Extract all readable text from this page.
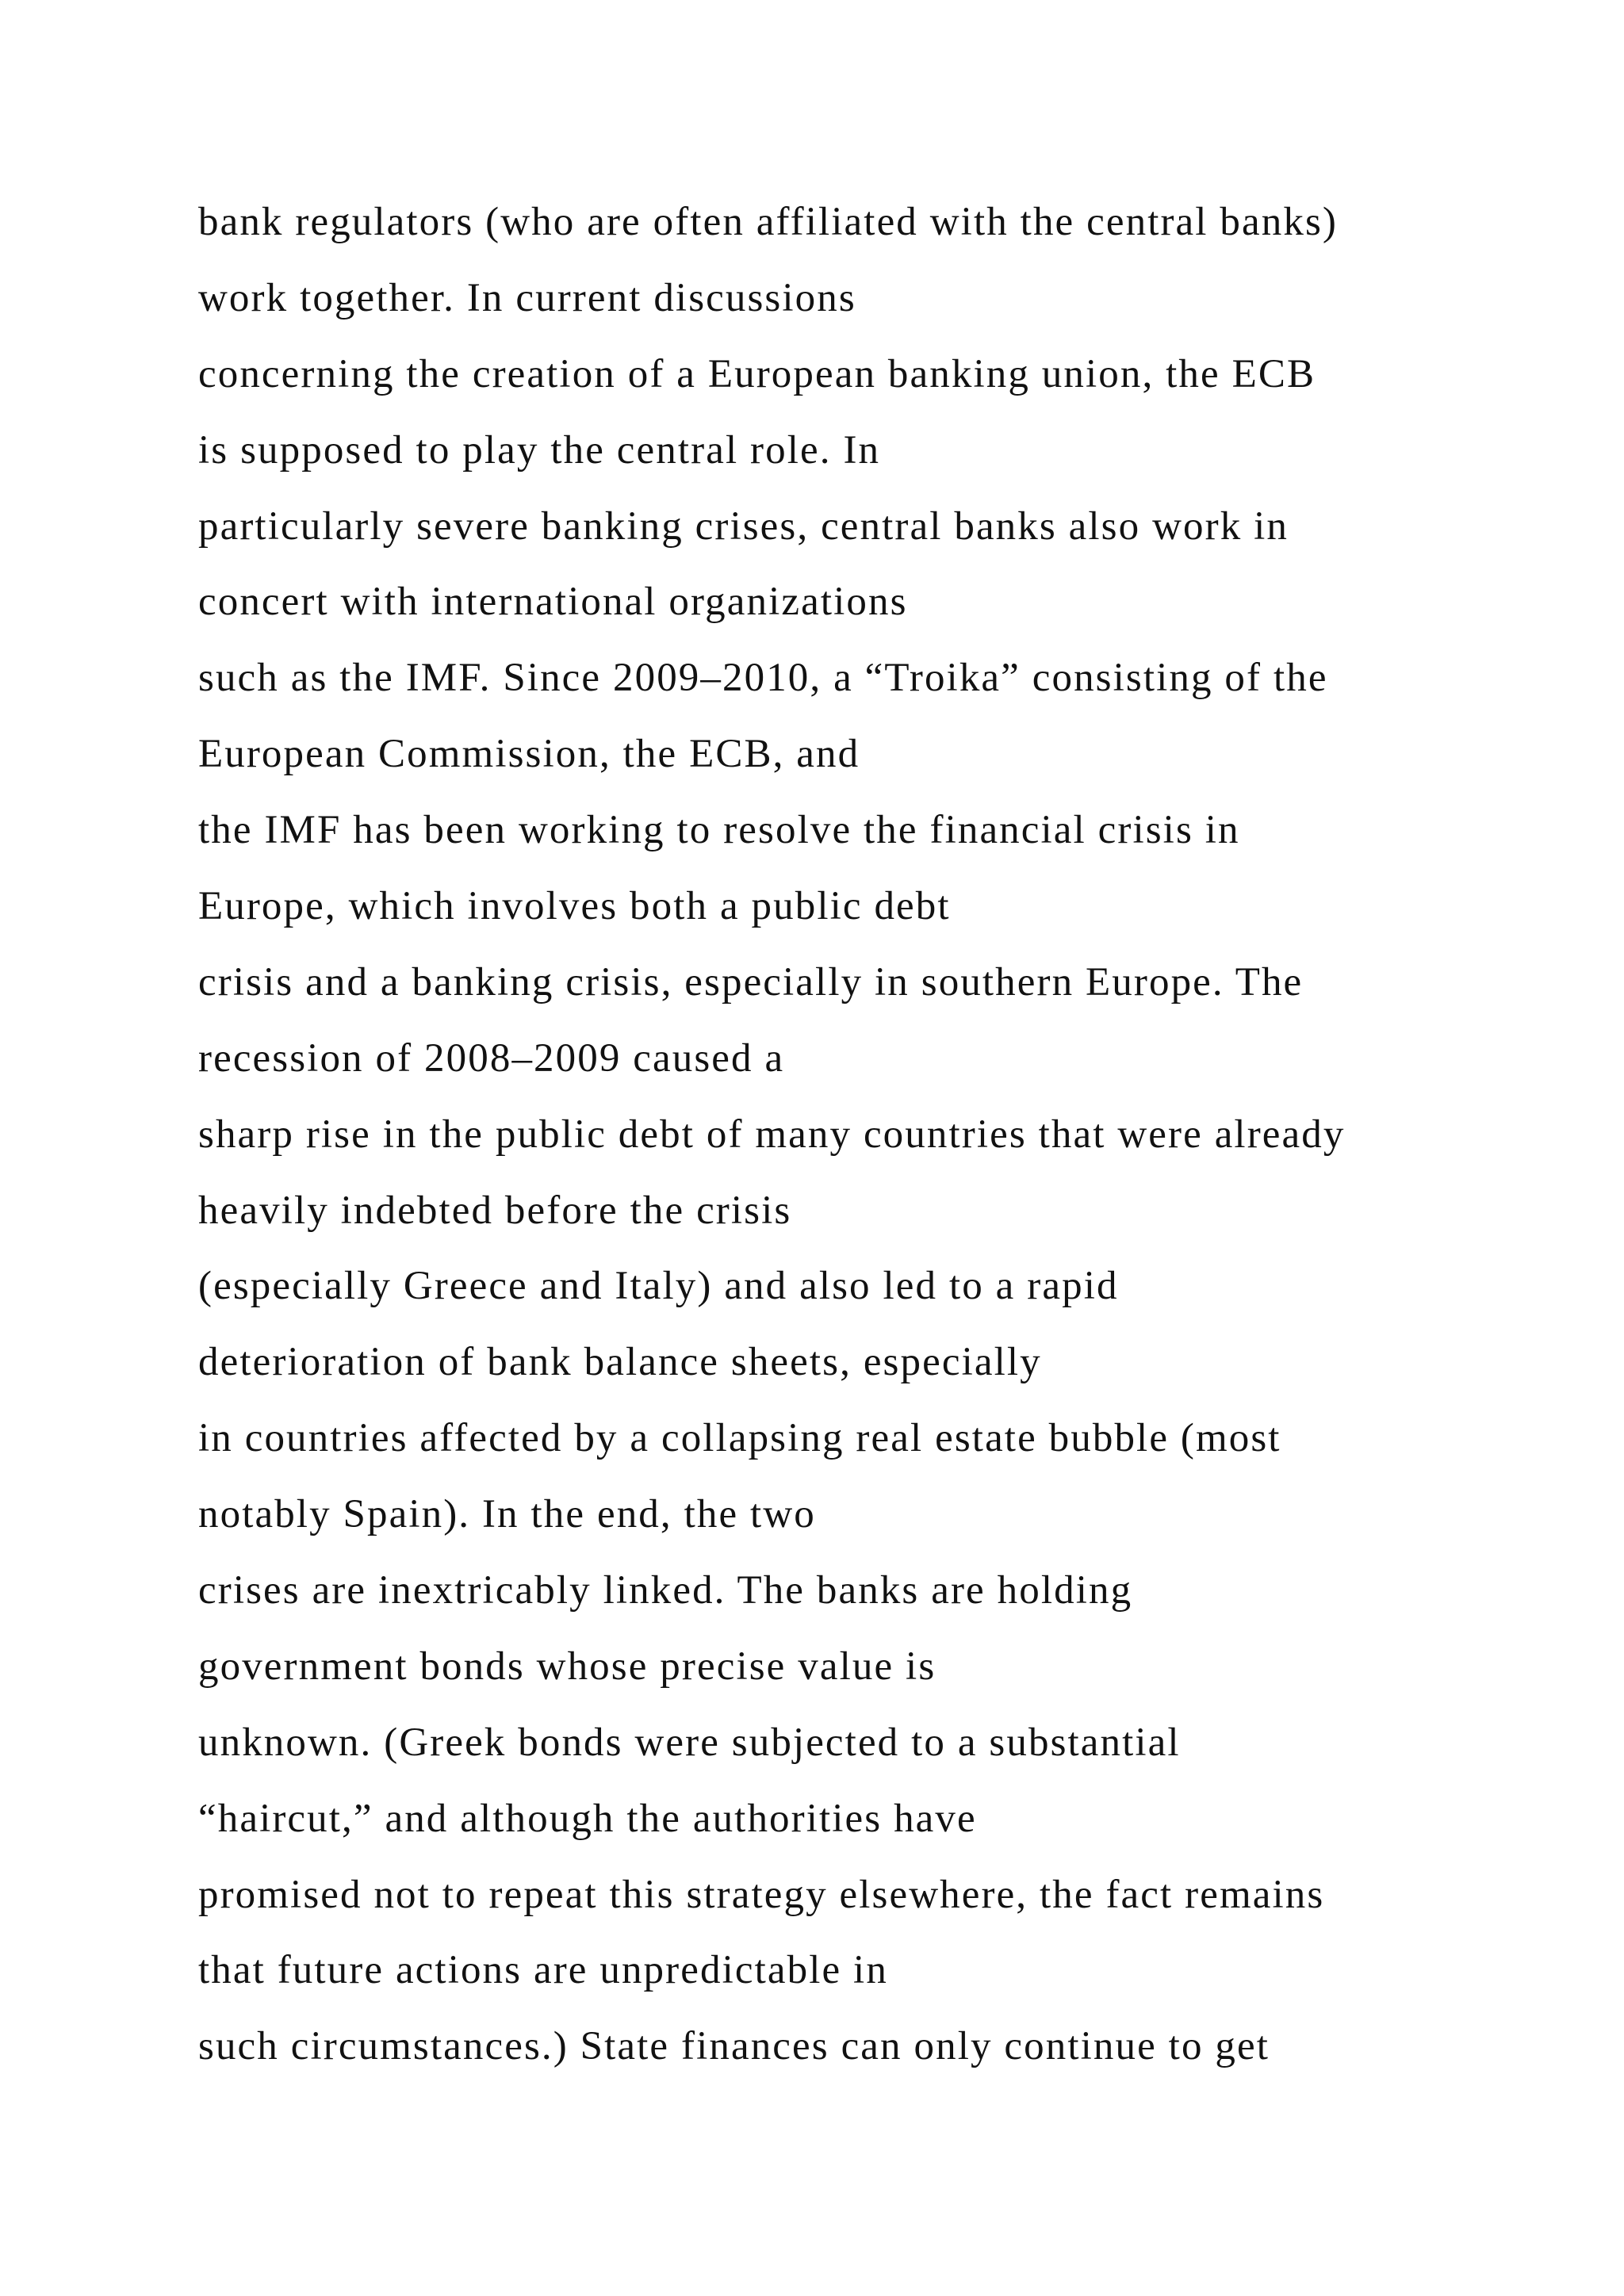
bank regulators (who are often affiliated with the central banks)
work together. In current discussions
concerning the creation of a European banking union, the ECB
is supposed to play the central role. In
particularly severe banking crises, central banks also work in
concert with international organizations
such as the IMF. Since 2009–2010, a “Troika” consisting of the
European Commission, the ECB, and
the IMF has been working to resolve the financial crisis in
Europe, which involves both a public debt
crisis and a banking crisis, especially in southern Europe. The
recession of 2008–2009 caused a
sharp rise in the public debt of many countries that were already
heavily indebted before the crisis
(especially Greece and Italy) and also led to a rapid
deterioration of bank balance sheets, especially
in countries affected by a collapsing real estate bubble (most
notably Spain). In the end, the two
crises are inextricably linked. The banks are holding
government bonds whose precise value is
unknown. (Greek bonds were subjected to a substantial
“haircut,” and although the authorities have
promised not to repeat this strategy elsewhere, the fact remains
that future actions are unpredictable in
such circumstances.) State finances can only continue to get
